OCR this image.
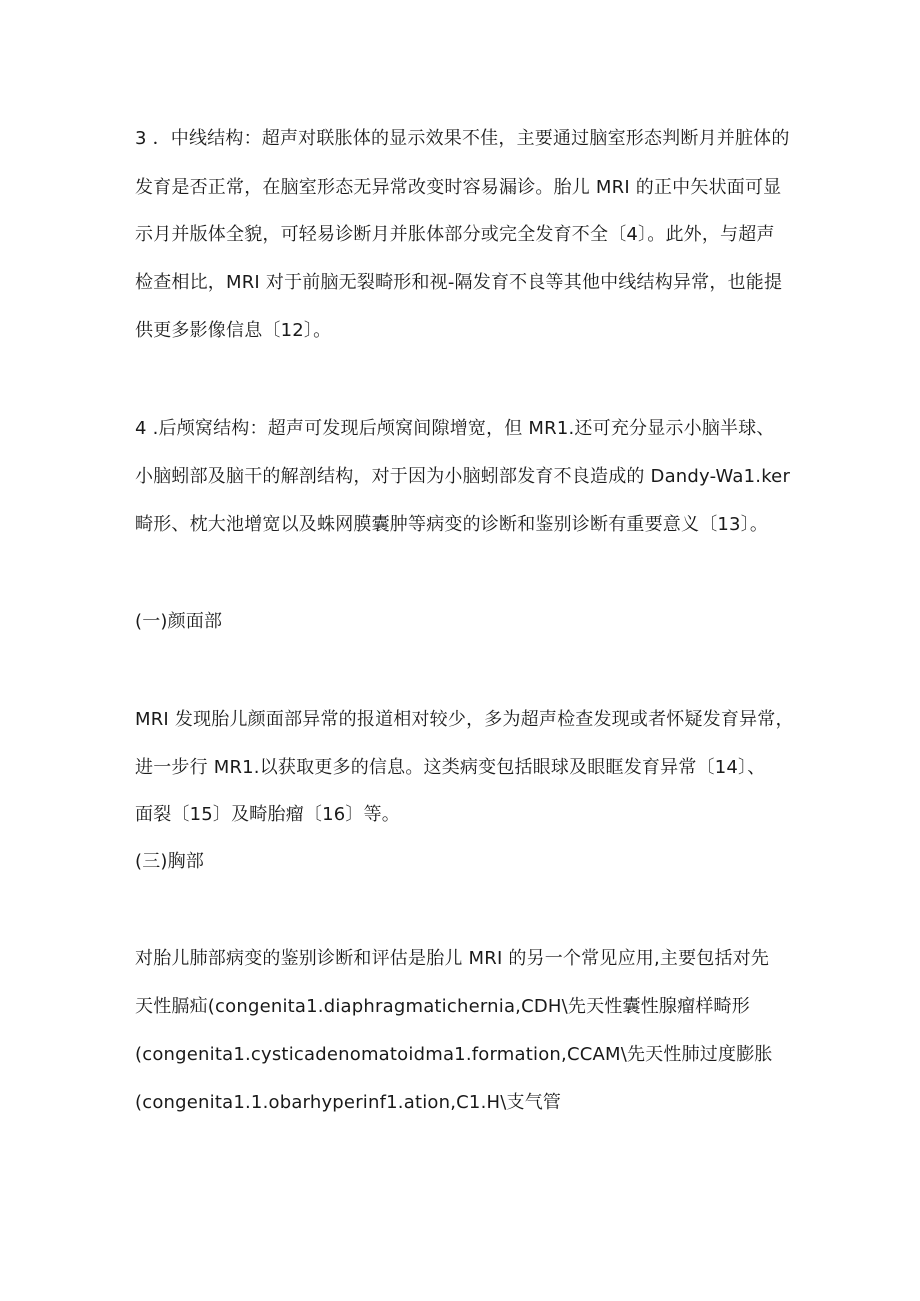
3 ．中线结构：超声对联胀体的显示效果不佳，主要通过脑室形态判断月并脏体的
发育是否正常，在脑室形态无异常改变时容易漏诊。胎儿 MRI 的正中矢状面可显
示月并版体全貌，可轻易诊断月并胀体部分或完全发育不全〔4〕。此外，与超声
检查相比，MRI 对于前脑无裂畸形和视-隔发育不良等其他中线结构异常，也能提
供更多影像信息〔12〕。
4 .后颅窝结构：超声可发现后颅窝间隙增宽，但 MR1.还可充分显示小脑半球、
小脑蚓部及脑干的解剖结构，对于因为小脑蚓部发育不良造成的 Dandy-Wa1.ker
畸形、枕大池增宽以及蛛网膜囊肿等病变的诊断和鉴别诊断有重要意义〔13〕。
(一)颜面部
MRI 发现胎儿颜面部异常的报道相对较少，多为超声检查发现或者怀疑发育异常，
进一步行 MR1.以获取更多的信息。这类病变包括眼球及眼眶发育异常〔14〕、
面裂〔15〕及畸胎瘤〔16〕等。
(三)胸部
对胎儿肺部病变的鉴别诊断和评估是胎儿 MRI 的另一个常见应用,主要包括对先
天性膈疝(congenita1.diaphragmatichernia,CDH\先天性囊性腺瘤样畸形
(congenita1.cysticadenomatoidma1.formation,CCAM\先天性肺过度膨胀
(congenita1.1.obarhyperinf1.ation,C1.H\支气管
